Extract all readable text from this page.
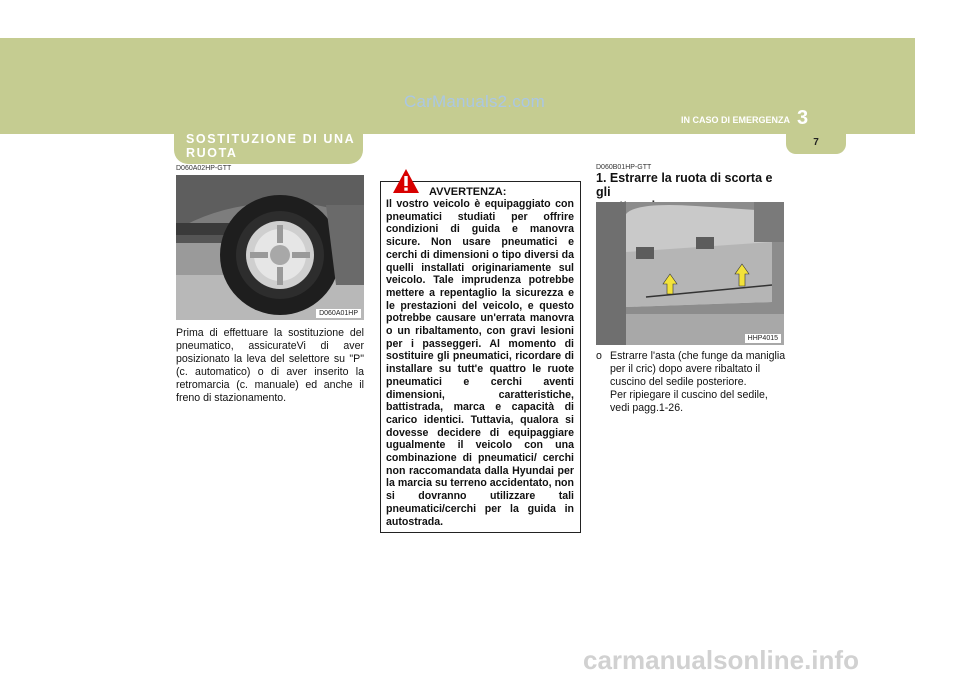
CarManuals2.com
IN CASO DI EMERGENZA 3
7
SOSTITUZIONE DI UNA RUOTA
D060A02HP-GTT
D060A01HP
Prima di effettuare la sostituzione del pneumatico, assicurateVi di aver posizionato la leva del selettore su "P" (c. automatico) o di aver inserito la retromarcia (c. manuale) ed anche il freno di stazionamento.
AVVERTENZA:
Il vostro veicolo è equipaggiato con pneumatici studiati per offrire condizioni di guida e manovra sicure. Non usare pneumatici e cerchi di dimensioni o tipo diversi da quelli installati originariamente sul veicolo. Tale imprudenza potrebbe mettere a repentaglio la sicurezza e le prestazioni del veicolo, e questo potrebbe causare un'errata manovra o un ribaltamento, con gravi lesioni per i passeggeri. Al momento di sostituire gli pneumatici, ricordare di installare su tutt'e quattro le ruote pneumatici e cerchi aventi dimensioni, caratteristiche, battistrada, marca e capacità di carico identici. Tuttavia, qualora si dovesse decidere di equipaggiare ugualmente il veicolo con una combinazione di pneumatici/ cerchi non raccomandata dalla Hyundai per la marcia su terreno accidentato, non si dovranno utilizzare tali pneumatici/cerchi per la guida in autostrada.
D060B01HP-GTT
1. Estrarre la ruota di scorta e gli
HHP4015
o Estrarre l'asta (che funge da maniglia per il cric) dopo avere ribaltato il cuscino del sedile posteriore.
Per ripiegare il cuscino del sedile, vedi pagg.1-26.
carmanualsonline.info
